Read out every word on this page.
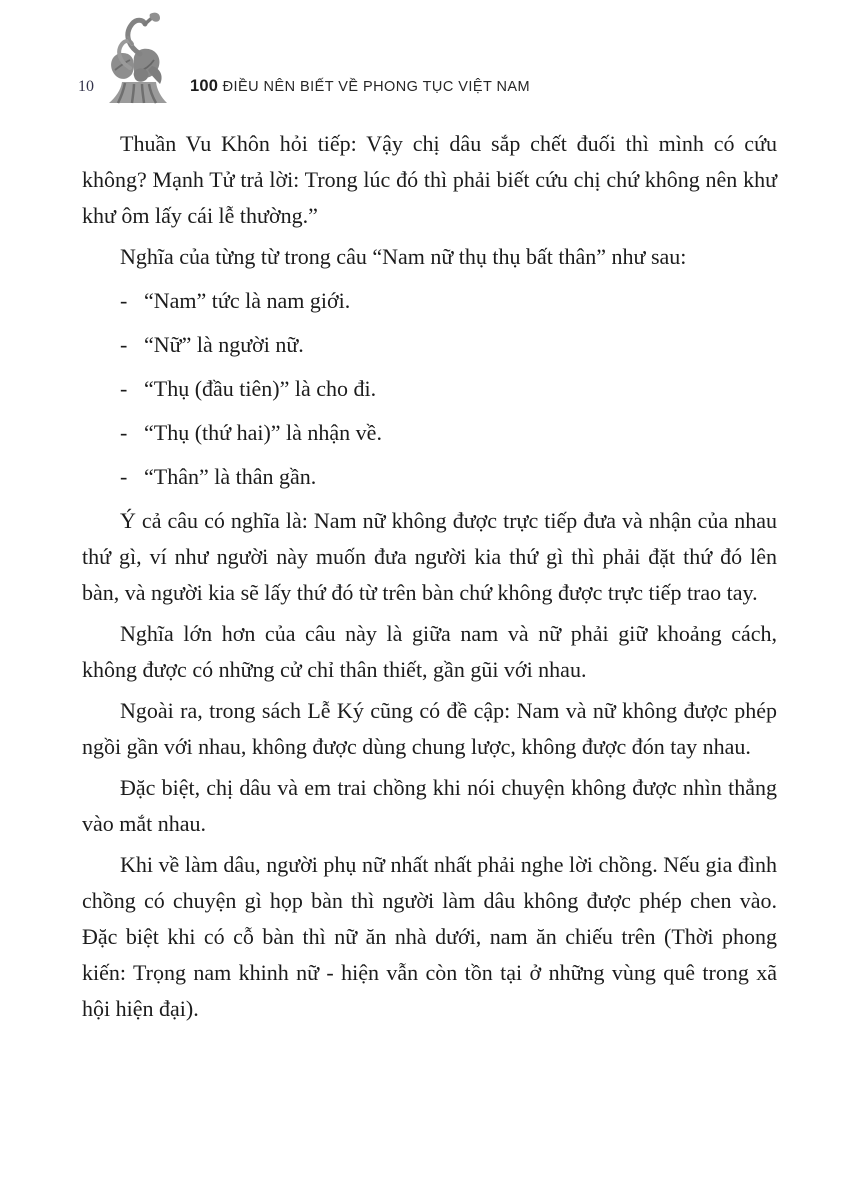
10	100 ĐIỀU NÊN BIẾT VỀ PHONG TỤC VIỆT NAM

Thuần Vu Khôn hỏi tiếp: Vậy chị dâu sắp chết đuối thì mình có cứu không? Mạnh Tử trả lời: Trong lúc đó thì phải biết cứu chị chứ không nên khư khư ôm lấy cái lễ thường.”

Nghĩa của từng từ trong câu “Nam nữ thụ thụ bất thân” như sau:

- “Nam” tức là nam giới.
- “Nữ” là người nữ.
- “Thụ (đầu tiên)” là cho đi.
- “Thụ (thứ hai)” là nhận về.
- “Thân” là thân gần.

Ý cả câu có nghĩa là: Nam nữ không được trực tiếp đưa và nhận của nhau thứ gì, ví như người này muốn đưa người kia thứ gì thì phải đặt thứ đó lên bàn, và người kia sẽ lấy thứ đó từ trên bàn chứ không được trực tiếp trao tay.

Nghĩa lớn hơn của câu này là giữa nam và nữ phải giữ khoảng cách, không được có những cử chỉ thân thiết, gần gũi với nhau.

Ngoài ra, trong sách Lễ Ký cũng có đề cập: Nam và nữ không được phép ngồi gần với nhau, không được dùng chung lược, không được đón tay nhau.

Đặc biệt, chị dâu và em trai chồng khi nói chuyện không được nhìn thẳng vào mắt nhau.

Khi về làm dâu, người phụ nữ nhất nhất phải nghe lời chồng. Nếu gia đình chồng có chuyện gì họp bàn thì người làm dâu không được phép chen vào. Đặc biệt khi có cỗ bàn thì nữ ăn nhà dưới, nam ăn chiếu trên (Thời phong kiến: Trọng nam khinh nữ - hiện vẫn còn tồn tại ở những vùng quê trong xã hội hiện đại).
